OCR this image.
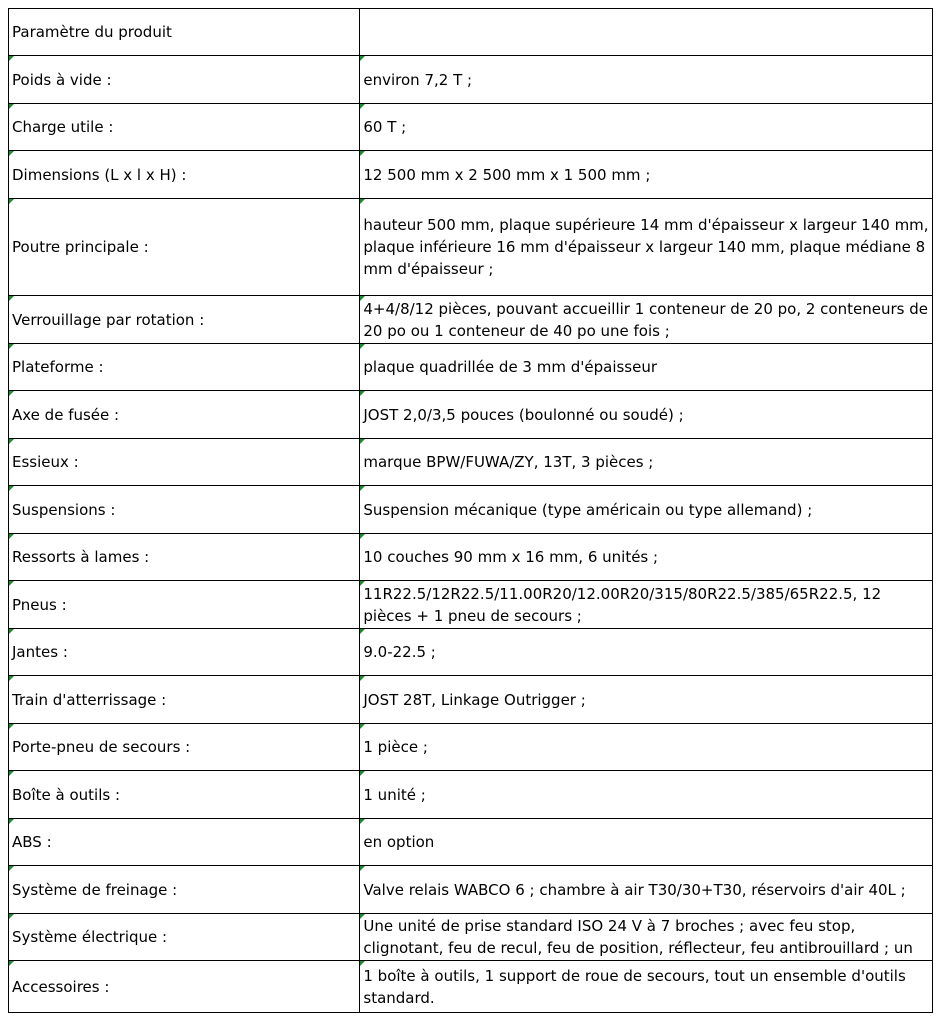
Paramètre du produit	

Poids à vide :	environ 7,2 T ;

Charge utile :	60 T ;

Dimensions (L x l x H) :	12 500 mm x 2 500 mm x 1 500 mm ;

Poutre principale :	hauteur 500 mm, plaque supérieure 14 mm d'épaisseur x largeur 140 mm, plaque inférieure 16 mm d'épaisseur x largeur 140 mm, plaque médiane 8 mm d'épaisseur ;

Verrouillage par rotation :	4+4/8/12 pièces, pouvant accueillir 1 conteneur de 20 po, 2 conteneurs de 20 po ou 1 conteneur de 40 po une fois ;

Plateforme :	plaque quadrillée de 3 mm d'épaisseur

Axe de fusée :	JOST 2,0/3,5 pouces (boulonné ou soudé) ;

Essieux :	marque BPW/FUWA/ZY, 13T, 3 pièces ;

Suspensions :	Suspension mécanique (type américain ou type allemand) ;

Ressorts à lames :	10 couches 90 mm x 16 mm, 6 unités ;

Pneus :	11R22.5/12R22.5/11.00R20/12.00R20/315/80R22.5/385/65R22.5, 12 pièces + 1 pneu de secours ;

Jantes :	9.0-22.5 ;

Train d'atterrissage :	JOST 28T, Linkage Outrigger ;

Porte-pneu de secours :	1 pièce ;

Boîte à outils :	1 unité ;

ABS :	en option

Système de freinage :	Valve relais WABCO 6 ; chambre à air T30/30+T30, réservoirs d'air 40L ;

Système électrique :	Une unité de prise standard ISO 24 V à 7 broches ; avec feu stop, clignotant, feu de recul, feu de position, réflecteur, feu antibrouillard ; un

Accessoires :	1 boîte à outils, 1 support de roue de secours, tout un ensemble d'outils standard.
